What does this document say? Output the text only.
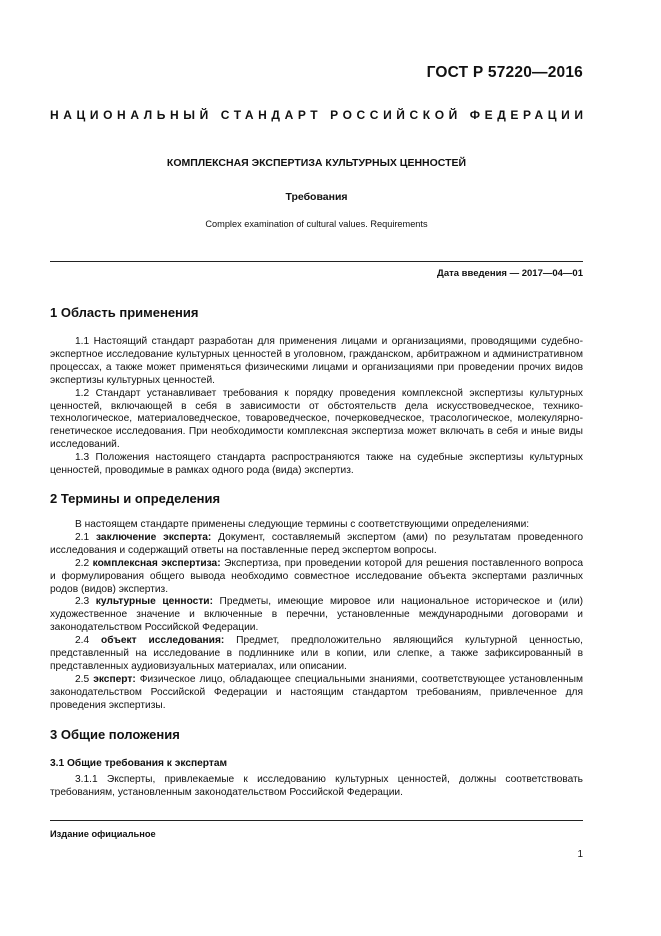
ГОСТ Р 57220—2016
НАЦИОНАЛЬНЫЙ СТАНДАРТ РОССИЙСКОЙ ФЕДЕРАЦИИ
КОМПЛЕКСНАЯ ЭКСПЕРТИЗА КУЛЬТУРНЫХ ЦЕННОСТЕЙ
Требования
Complex examination of cultural values. Requirements
Дата введения — 2017—04—01
1 Область применения

1.1 Настоящий стандарт разработан для применения лицами и организациями, проводящими судебно-экспертное исследование культурных ценностей в уголовном, гражданском, арбитражном и административном процессах, а также может применяться физическими лицами и организациями при проведении прочих видов экспертизы культурных ценностей.

1.2 Стандарт устанавливает требования к порядку проведения комплексной экспертизы культурных ценностей, включающей в себя в зависимости от обстоятельств дела искусствоведческое, технико-технологическое, материаловедческое, товароведческое, почерковедческое, трасологическое, молекулярно-генетическое исследования. При необходимости комплексная экспертиза может включать в себя и иные виды исследований.

1.3 Положения настоящего стандарта распространяются также на судебные экспертизы культурных ценностей, проводимые в рамках одного рода (вида) экспертиз.

2 Термины и определения

В настоящем стандарте применены следующие термины с соответствующими определениями:

2.1 заключение эксперта: Документ, составляемый экспертом (ами) по результатам проведенного исследования и содержащий ответы на поставленные перед экспертом вопросы.

2.2 комплексная экспертиза: Экспертиза, при проведении которой для решения поставленного вопроса и формулирования общего вывода необходимо совместное исследование объекта экспертами различных родов (видов) экспертиз.

2.3 культурные ценности: Предметы, имеющие мировое или национальное историческое и (или) художественное значение и включенные в перечни, установленные международными договорами и законодательством Российской Федерации.

2.4 объект исследования: Предмет, предположительно являющийся культурной ценностью, представленный на исследование в подлиннике или в копии, или слепке, а также зафиксированный в представленных аудиовизуальных материалах, или описании.

2.5 эксперт: Физическое лицо, обладающее специальными знаниями, соответствующее установленным законодательством Российской Федерации и настоящим стандартом требованиям, привлеченное для проведения экспертизы.

3 Общие положения
3.1 Общие требования к экспертам

3.1.1 Эксперты, привлекаемые к исследованию культурных ценностей, должны соответствовать требованиям, установленным законодательством Российской Федерации.

Издание официальное
1
